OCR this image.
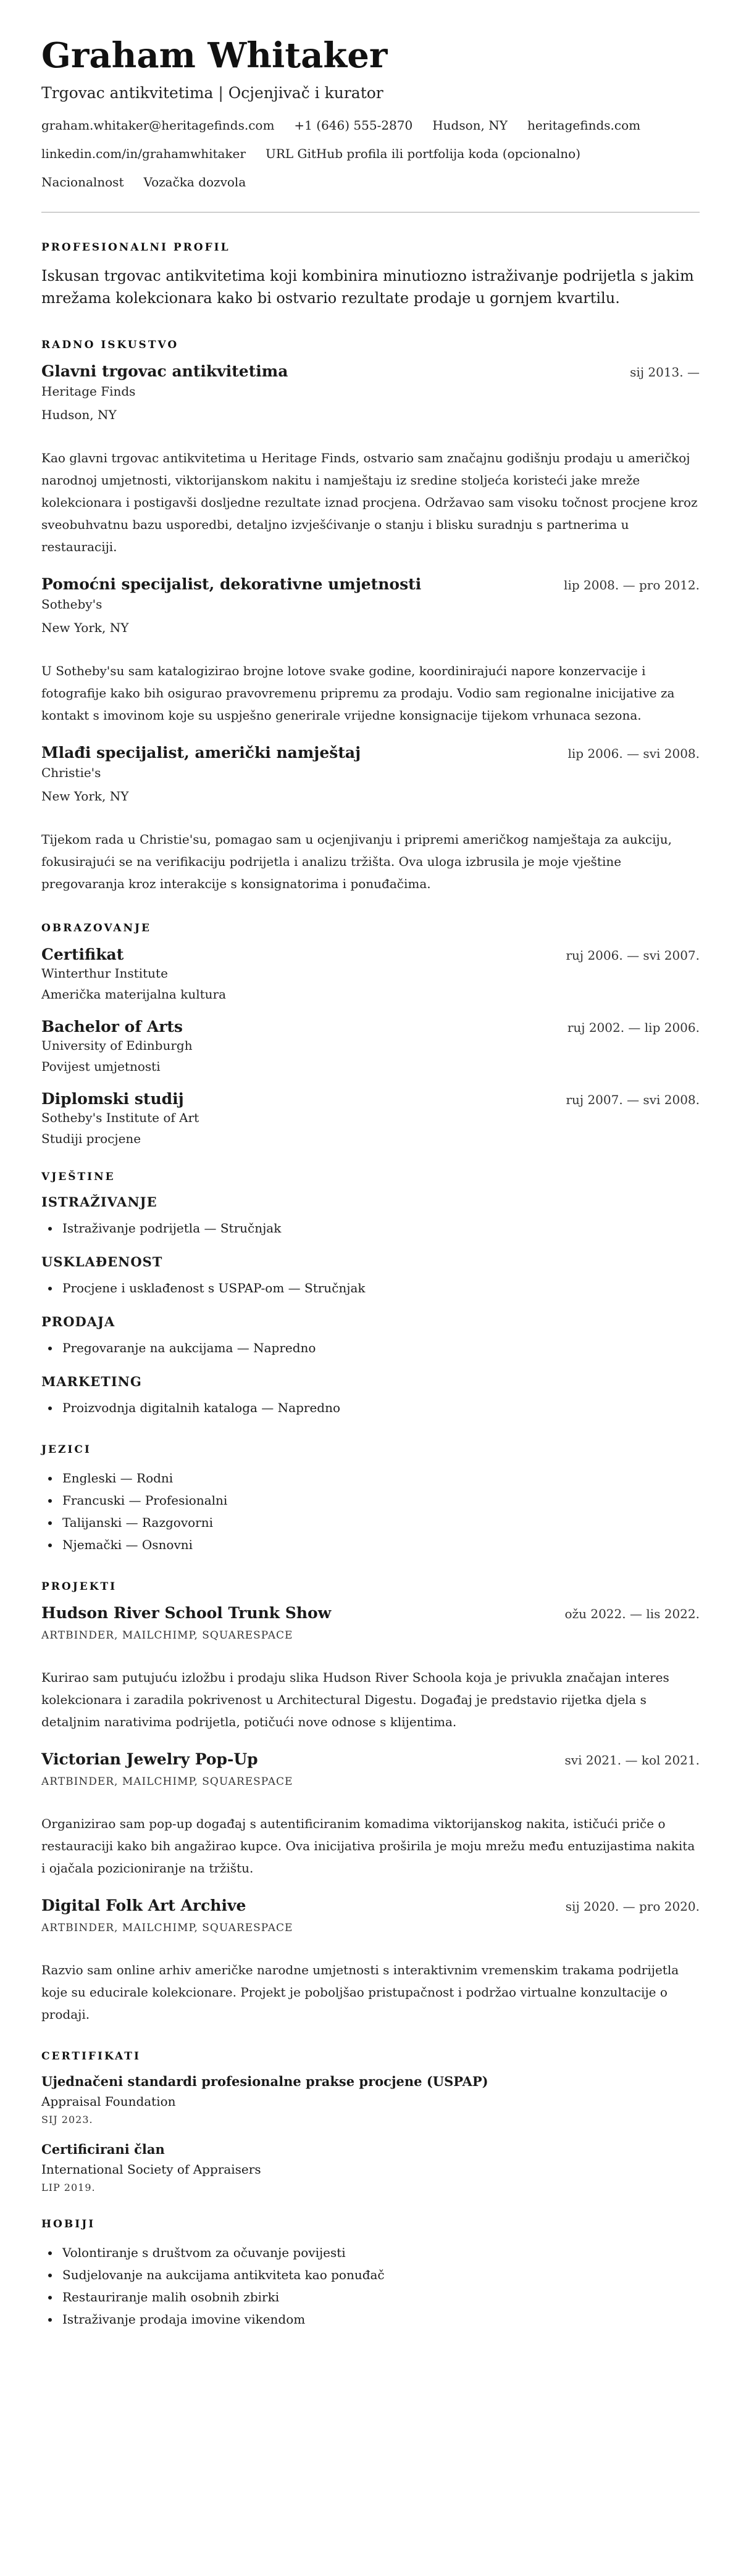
Graham Whitaker
Trgovac antikvitetima | Ocjenjivač i kurator
graham.whitaker@heritagefinds.com +1 (646) 555-2870 Hudson, NY heritagefinds.com
linkedin.com/in/grahamwhitaker URL GitHub profila ili portfolija koda (opcionalno)
Nacionalnost Vozačka dozvola
PROFESIONALNI PROFIL

Iskusan trgovac antikvitetima koji kombinira minutiozno istraživanje podrijetla s jakim mrežama kolekcionara kako bi ostvario rezultate prodaje u gornjem kvartilu.

RADNO ISKUSTVO
Glavni trgovac antikvitetima	sij 2013. —
Heritage Finds
Hudson, NY
Kao glavni trgovac antikvitetima u Heritage Finds, ostvario sam značajnu godišnju prodaju u američkoj narodnoj umjetnosti, viktorijanskom nakitu i namještaju iz sredine stoljeća koristeći jake mreže kolekcionara i postigavši dosljedne rezultate iznad procjena. Održavao sam visoku točnost procjene kroz sveobuhvatnu bazu usporedbi, detaljno izvješćivanje o stanju i blisku suradnju s partnerima u restauraciji.
Pomoćni specijalist, dekorativne umjetnosti	lip 2008. — pro 2012.
Sotheby's
New York, NY
U Sotheby'su sam katalogizirao brojne lotove svake godine, koordinirajući napore konzervacije i fotografije kako bih osigurao pravovremenu pripremu za prodaju. Vodio sam regionalne inicijative za kontakt s imovinom koje su uspješno generirale vrijedne konsignacije tijekom vrhunaca sezona.
Mlađi specijalist, američki namještaj	lip 2006. — svi 2008.
Christie's
New York, NY
Tijekom rada u Christie'su, pomagao sam u ocjenjivanju i pripremi američkog namještaja za aukciju, fokusirajući se na verifikaciju podrijetla i analizu tržišta. Ova uloga izbrusila je moje vještine pregovaranja kroz interakcije s konsignatorima i ponuđačima.
OBRAZOVANJE
Certifikat	ruj 2006. — svi 2007.
Winterthur Institute
Američka materijalna kultura
Bachelor of Arts	ruj 2002. — lip 2006.
University of Edinburgh
Povijest umjetnosti
Diplomski studij	ruj 2007. — svi 2008.
Sotheby's Institute of Art
Studiji procjene
VJEŠTINE
ISTRAŽIVANJE
• Istraživanje podrijetla — Stručnjak
USKLAĐENOST
• Procjene i usklađenost s USPAP-om — Stručnjak
PRODAJA
• Pregovaranje na aukcijama — Napredno
MARKETING
• Proizvodnja digitalnih kataloga — Napredno
JEZICI
• Engleski — Rodni
• Francuski — Profesionalni
• Talijanski — Razgovorni
• Njemački — Osnovni
PROJEKTI
Hudson River School Trunk Show	ožu 2022. — lis 2022.
ARTBINDER, MAILCHIMP, SQUARESPACE
Kurirao sam putujuću izložbu i prodaju slika Hudson River Schoola koja je privukla značajan interes kolekcionara i zaradila pokrivenost u Architectural Digestu. Događaj je predstavio rijetka djela s detaljnim narativima podrijetla, potičući nove odnose s klijentima.
Victorian Jewelry Pop-Up	svi 2021. — kol 2021.
ARTBINDER, MAILCHIMP, SQUARESPACE
Organizirao sam pop-up događaj s autentificiranim komadima viktorijanskog nakita, ističući priče o restauraciji kako bih angažirao kupce. Ova inicijativa proširila je moju mrežu među entuzijastima nakita i ojačala pozicioniranje na tržištu.
Digital Folk Art Archive	sij 2020. — pro 2020.
ARTBINDER, MAILCHIMP, SQUARESPACE
Razvio sam online arhiv američke narodne umjetnosti s interaktivnim vremenskim trakama podrijetla koje su educirale kolekcionare. Projekt je poboljšao pristupačnost i podržao virtualne konzultacije o prodaji.
CERTIFIKATI
Ujednačeni standardi profesionalne prakse procjene (USPAP)
Appraisal Foundation
SIJ 2023.
Certificirani član
International Society of Appraisers
LIP 2019.
HOBIJI
• Volontiranje s društvom za očuvanje povijesti
• Sudjelovanje na aukcijama antikviteta kao ponuđač
• Restauriranje malih osobnih zbirki
• Istraživanje prodaja imovine vikendom
